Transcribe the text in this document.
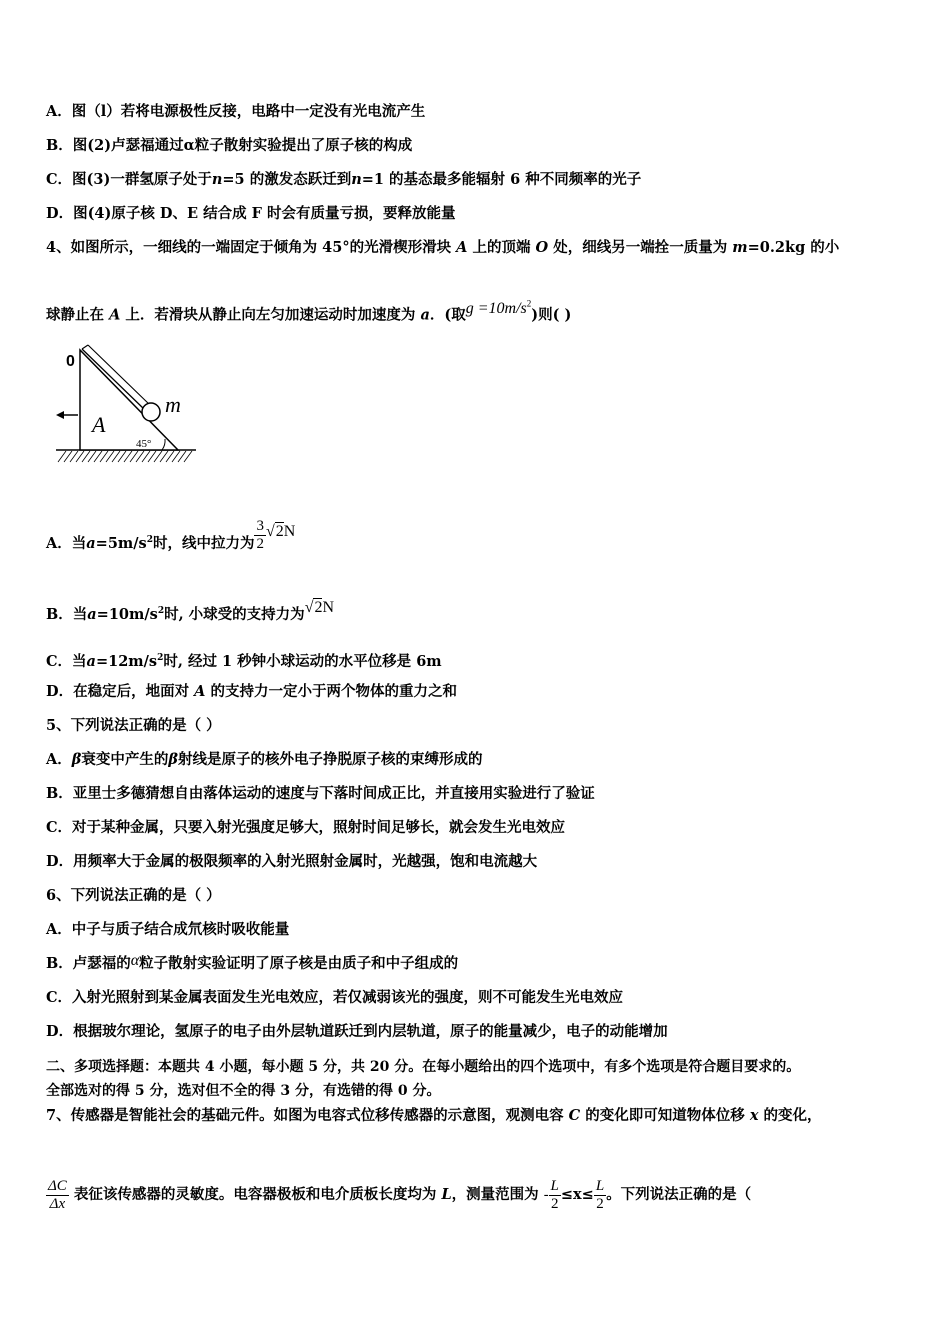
A．图（l）若将电源极性反接，电路中一定没有光电流产生
B．图(2)卢瑟福通过α粒子散射实验提出了原子核的构成
C．图(3)一群氢原子处于n=5 的激发态跃迁到n=1 的基态最多能辐射 6 种不同频率的光子
D．图(4)原子核 D、E 结合成 F 时会有质量亏损，要释放能量
4、如图所示，一细线的一端固定于倾角为 45°的光滑楔形滑块 A 上的顶端 O 处，细线另一端拴一质量为 m=0.2kg 的小
球静止在 A 上．若滑块从静止向左匀加速运动时加速度为 a．(取$g =10m/s^2$)则( )
0
m
A
45°
A．当$a=5m/s^2$时，线中拉力为 $\frac{3}{2} √2N$
B．当$a=10m/s^2$时, 小球受的支持力为√2N
C．当$a=12m/s^2$时, 经过 1 秒钟小球运动的水平位移是 6m
D．在稳定后，地面对 A 的支持力一定小于两个物体的重力之和
5、下列说法正确的是（ ）
A．β衰变中产生的β射线是原子的核外电子挣脱原子核的束缚形成的
B．亚里士多德猜想自由落体运动的速度与下落时间成正比，并直接用实验进行了验证
C．对于某种金属，只要入射光强度足够大，照射时间足够长，就会发生光电效应
D．用频率大于金属的极限频率的入射光照射金属时，光越强，饱和电流越大
6、下列说法正确的是（ ）
A．中子与质子结合成氘核时吸收能量
B．卢瑟福的α粒子散射实验证明了原子核是由质子和中子组成的
C．入射光照射到某金属表面发生光电效应，若仅减弱该光的强度，则不可能发生光电效应
D．根据玻尔理论，氢原子的电子由外层轨道跃迁到内层轨道，原子的能量减少，电子的动能增加
二、多项选择题：本题共 4 小题，每小题 5 分，共 20 分。在每小题给出的四个选项中，有多个选项是符合题目要求的。
全部选对的得 5 分，选对但不全的得 3 分，有选错的得 0 分。
7、传感器是智能社会的基础元件。如图为电容式位移传感器的示意图，观测电容 C 的变化即可知道物体位移 x 的变化，
$\frac{\Delta C}{\Delta x}$ 表征该传感器的灵敏度。电容器极板和电介质板长度均为 L，测量范围为 - $\frac{L}{2} \le x\le \frac{L}{2}$ 。下列说法正确的是（
